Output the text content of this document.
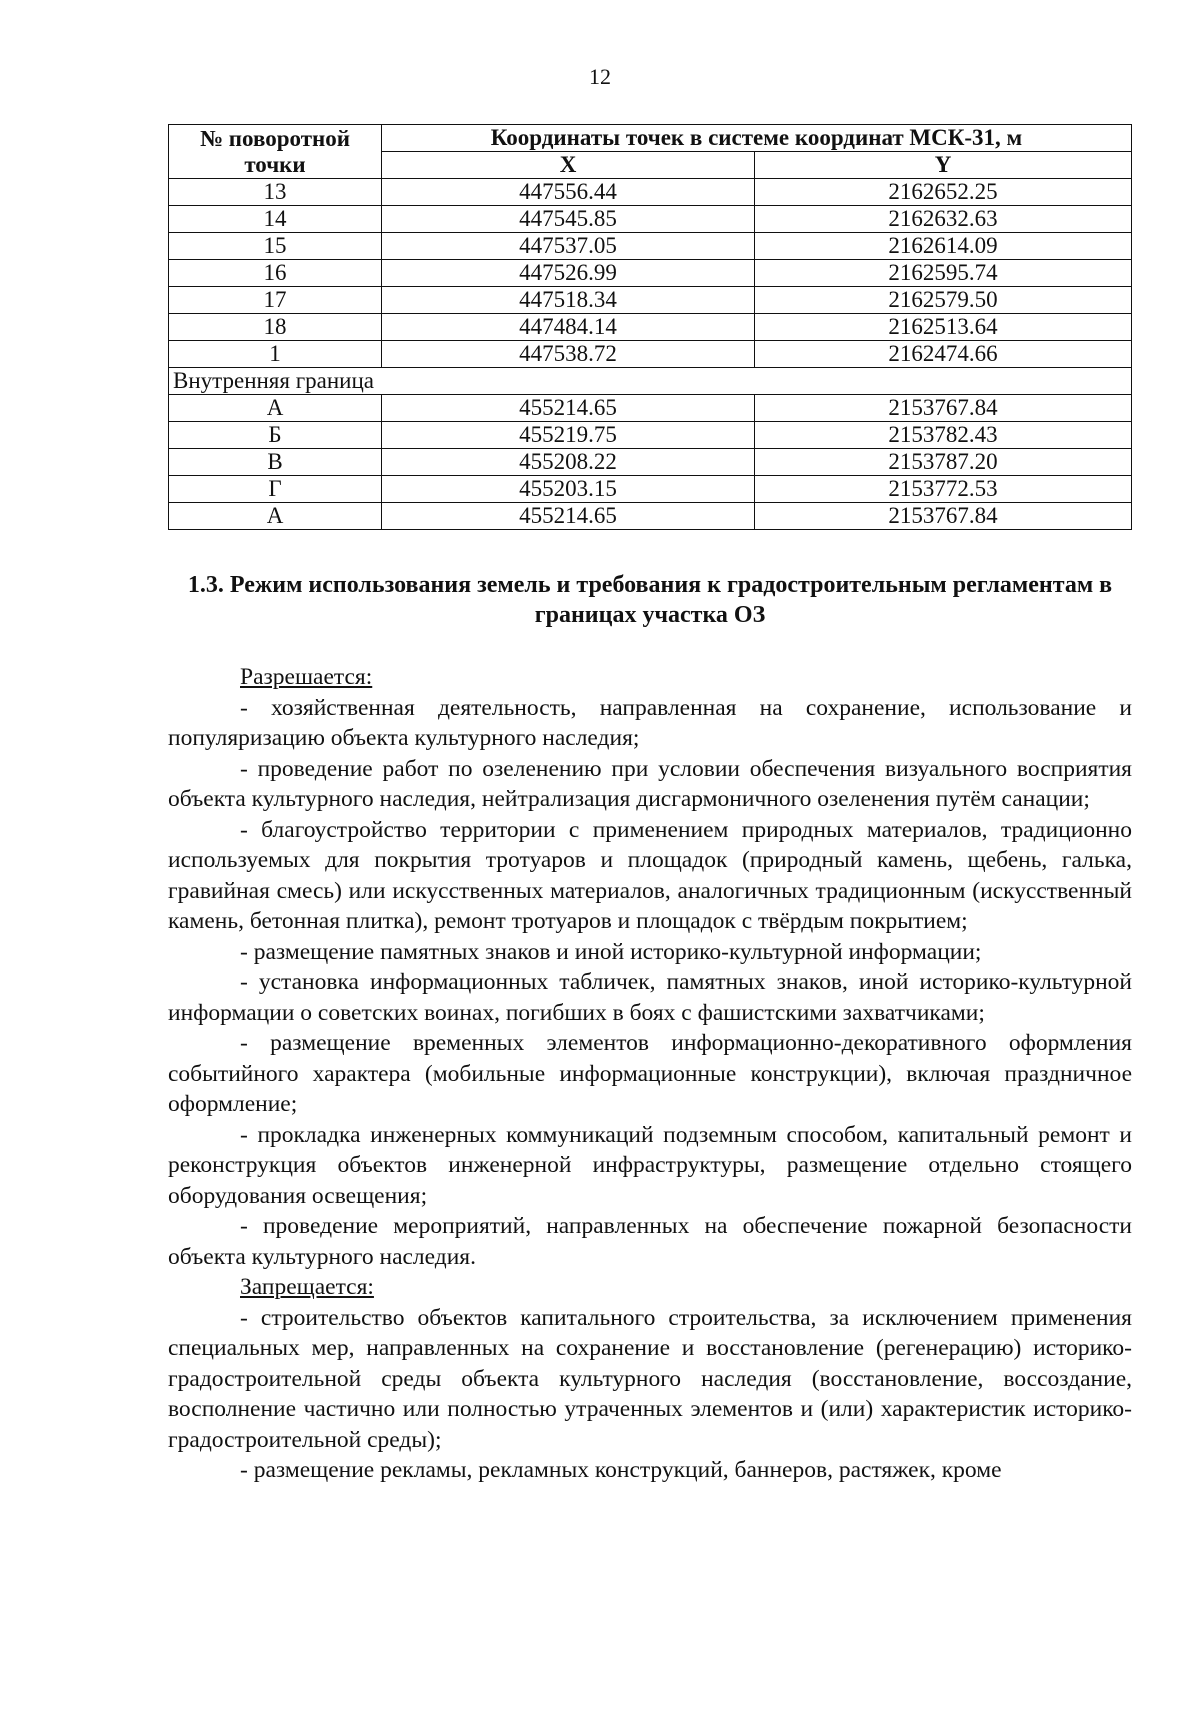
12
№ поворотной точки	Координаты точек в системе координат МСК-31, м	
	X	Y
13	447556.44	2162652.25
14	447545.85	2162632.63
15	447537.05	2162614.09
16	447526.99	2162595.74
17	447518.34	2162579.50
18	447484.14	2162513.64
1	447538.72	2162474.66
Внутренняя граница		
А	455214.65	2153767.84
Б	455219.75	2153782.43
В	455208.22	2153787.20
Г	455203.15	2153772.53
А	455214.65	2153767.84
1.3. Режим использования земель и требования к градостроительным регламентам в границах участка ОЗ

Разрешается:

- хозяйственная деятельность, направленная на сохранение, использование и популяризацию объекта культурного наследия;

- проведение работ по озеленению при условии обеспечения визуального восприятия объекта культурного наследия, нейтрализация дисгармоничного озеленения путём санации;

- благоустройство территории с применением природных материалов, традиционно используемых для покрытия тротуаров и площадок (природный камень, щебень, галька, гравийная смесь) или искусственных материалов, аналогичных традиционным (искусственный камень, бетонная плитка), ремонт тротуаров и площадок с твёрдым покрытием;

- размещение памятных знаков и иной историко-культурной информации;

- установка информационных табличек, памятных знаков, иной историко-культурной информации о советских воинах, погибших в боях с фашистскими захватчиками;

- размещение временных элементов информационно-декоративного оформления событийного характера (мобильные информационные конструкции), включая праздничное оформление;

- прокладка инженерных коммуникаций подземным способом, капитальный ремонт и реконструкция объектов инженерной инфраструктуры, размещение отдельно стоящего оборудования освещения;

- проведение мероприятий, направленных на обеспечение пожарной безопасности объекта культурного наследия.

Запрещается:

- строительство объектов капитального строительства, за исключением применения специальных мер, направленных на сохранение и восстановление (регенерацию) историко-градостроительной среды объекта культурного наследия (восстановление, воссоздание, восполнение частично или полностью утраченных элементов и (или) характеристик историко-градостроительной среды);

- размещение рекламы, рекламных конструкций, баннеров, растяжек, кроме
